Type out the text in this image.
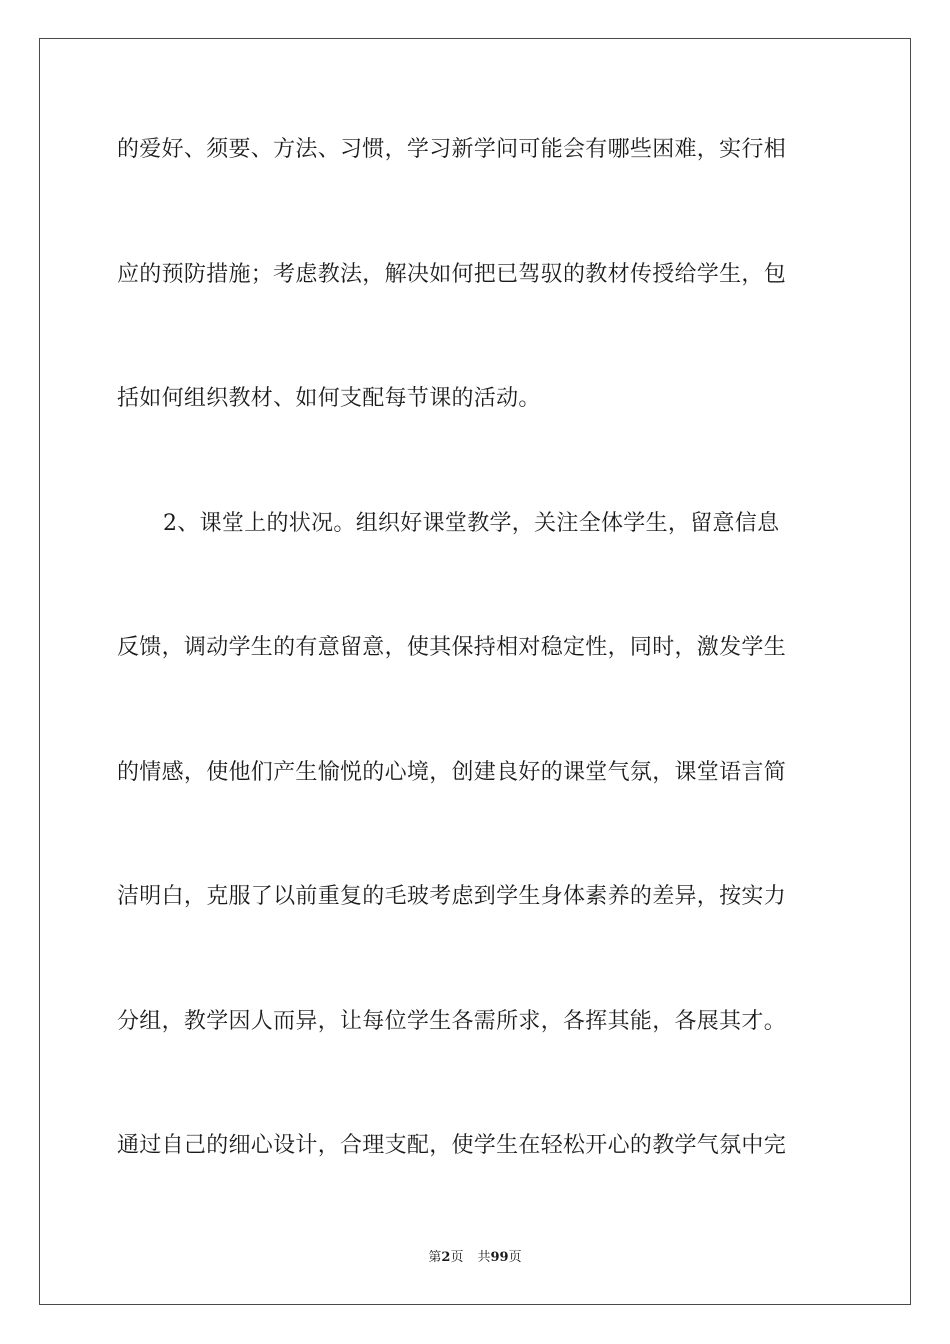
的爱好、须要、方法、习惯，学习新学问可能会有哪些困难，实行相
应的预防措施；考虑教法，解决如何把已驾驭的教材传授给学生，包
括如何组织教材、如何支配每节课的活动。
2、课堂上的状况。组织好课堂教学，关注全体学生，留意信息
反馈，调动学生的有意留意，使其保持相对稳定性，同时，激发学生
的情感，使他们产生愉悦的心境，创建良好的课堂气氛，课堂语言简
洁明白，克服了以前重复的毛玻考虑到学生身体素养的差异，按实力
分组，教学因人而异，让每位学生各需所求，各挥其能，各展其才。
通过自己的细心设计，合理支配，使学生在轻松开心的教学气氛中完
第2页 共99页
